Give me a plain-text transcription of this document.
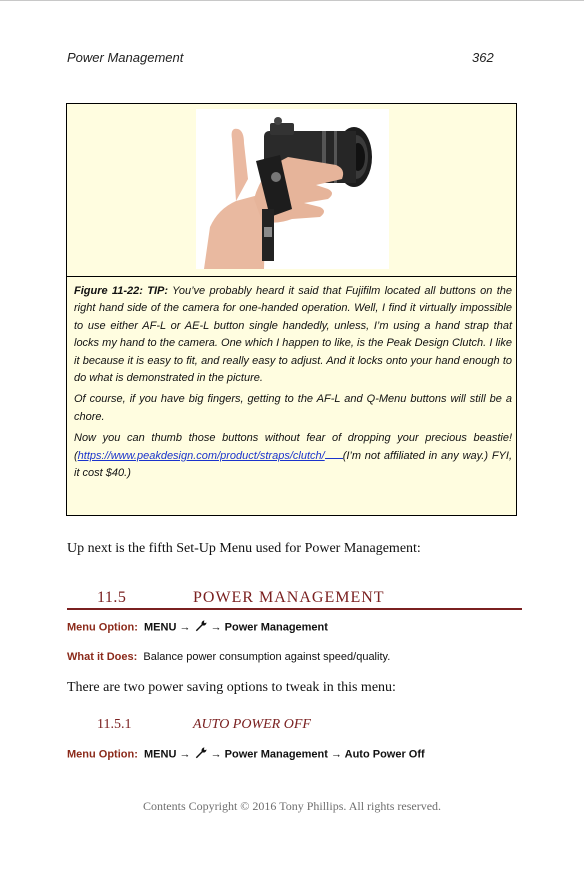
Power Management	362

Figure 11-22: TIP: You’ve probably heard it said that Fujifilm located all buttons on the right hand side of the camera for one-handed operation. Well, I find it virtually impossible to use either AF-L or AE-L button single handedly, unless, I’m using a hand strap that locks my hand to the camera. One which I happen to like, is the Peak Design Clutch. I like it because it is easy to fit, and really easy to adjust. And it locks onto your hand enough to do what is demonstrated in the picture.

Of course, if you have big fingers, getting to the AF-L and Q-Menu buttons will still be a chore.

Now you can thumb those buttons without fear of dropping your precious beastie! (https://www.peakdesign.com/product/straps/clutch/ (I’m not affiliated in any way.) FYI, it cost $40.)

Up next is the fifth Set-Up Menu used for Power Management:
11.5	POWER MANAGEMENT
Menu Option: MENU → → Power Management
What it Does: Balance power consumption against speed/quality.
There are two power saving options to tweak in this menu:
11.5.1	AUTO POWER OFF
Menu Option: MENU → → Power Management → Auto Power Off
Contents Copyright © 2016 Tony Phillips. All rights reserved.
